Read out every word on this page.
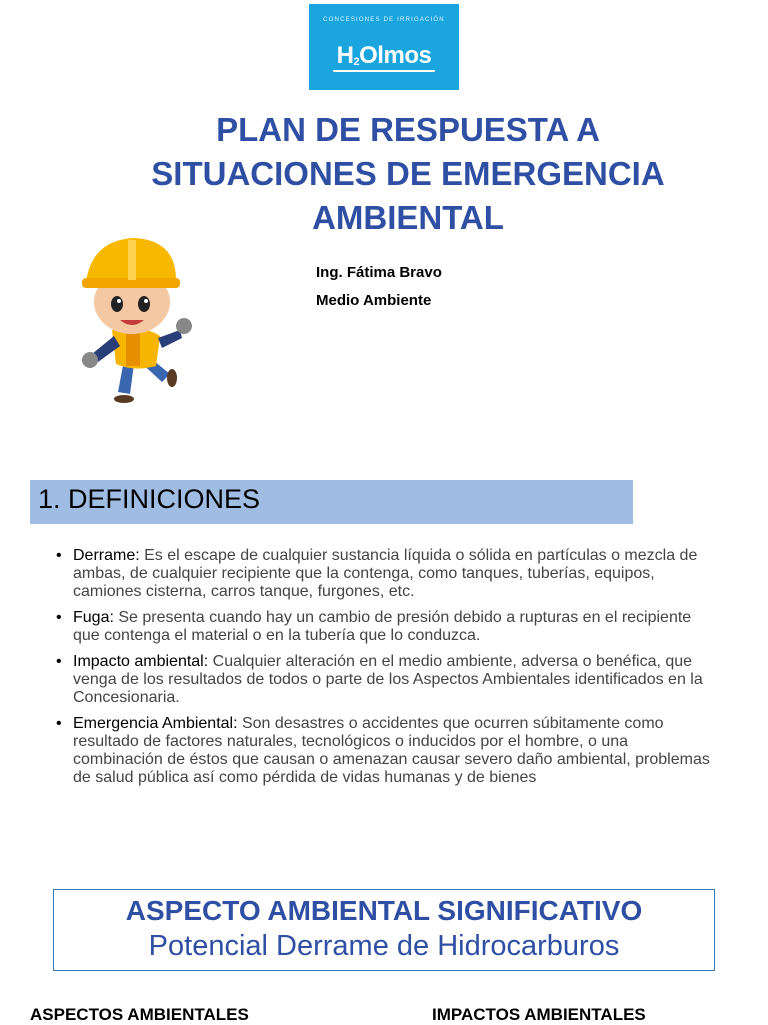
CONCESIONES DE IRRIGACIÓN
$H_2Olmos$
PLAN DE RESPUESTA A
SITUACIONES DE EMERGENCIA
AMBIENTAL
Ing. Fátima Bravo
Medio Ambiente
1. DEFINICIONES
• Derrame: Es el escape de cualquier sustancia líquida o sólida en partículas o mezcla de ambas, de cualquier recipiente que la contenga, como tanques, tuberías, equipos, camiones cisterna, carros tanque, furgones, etc.
• Fuga: Se presenta cuando hay un cambio de presión debido a rupturas en el recipiente que contenga el material o en la tubería que lo conduzca.
• Impacto ambiental: Cualquier alteración en el medio ambiente, adversa o benéfica, que venga de los resultados de todos o parte de los Aspectos Ambientales identificados en la Concesionaria.
• Emergencia Ambiental: Son desastres o accidentes que ocurren súbitamente como resultado de factores naturales, tecnológicos o inducidos por el hombre, o una combinación de éstos que causan o amenazan causar severo daño ambiental, problemas de salud pública así como pérdida de vidas humanas y de bienes
ASPECTO AMBIENTAL SIGNIFICATIVO
Potencial Derrame de Hidrocarburos
ASPECTOS AMBIENTALES	IMPACTOS AMBIENTALES
